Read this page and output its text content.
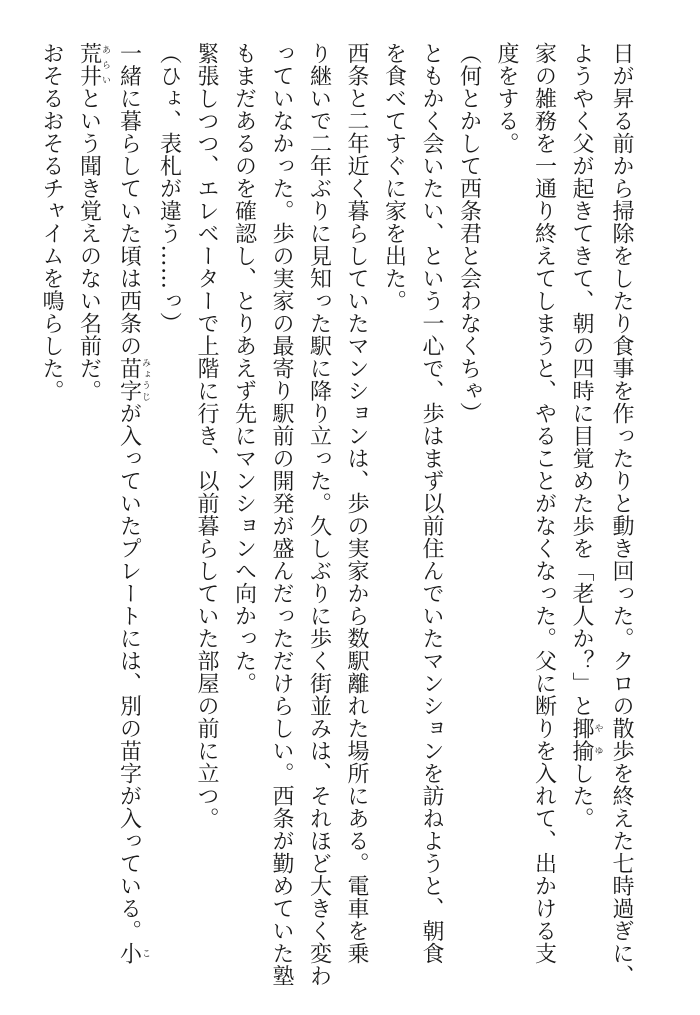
日が昇る前から掃除をしたり食事を作ったりと動き回った。クロの散歩を終えた七時過ぎに、
ようやく父が起きてきて、朝の四時に目覚めた歩を「老人か？」と揶揄やゆした。
家の雑務を一通り終えてしまうと、やることがなくなった。父に断りを入れて、出かける支
度をする。
（何とかして西条君と会わなくちゃ）
ともかく会いたい、という一心で、歩はまず以前住んでいたマンションを訪ねようと、朝食
を食べてすぐに家を出た。
西条と二年近く暮らしていたマンションは、歩の実家から数駅離れた場所にある。電車を乗
り継いで二年ぶりに見知った駅に降り立った。久しぶりに歩く街並みは、それほど大きく変わ
っていなかった。歩の実家の最寄り駅前の開発が盛んだっただけらしい。西条が勤めていた塾
もまだあるのを確認し、とりあえず先にマンションへ向かった。
緊張しつつ、エレベーターで上階に行き、以前暮らしていた部屋の前に立つ。
（ひょ、表札が違う……っ）
一緒に暮らしていた頃は西条の苗字みょうじが入っていたプレートには、別の苗字が入っている。小こ
荒井あらいという聞き覚えのない名前だ。
おそるおそるチャイムを鳴らした。
